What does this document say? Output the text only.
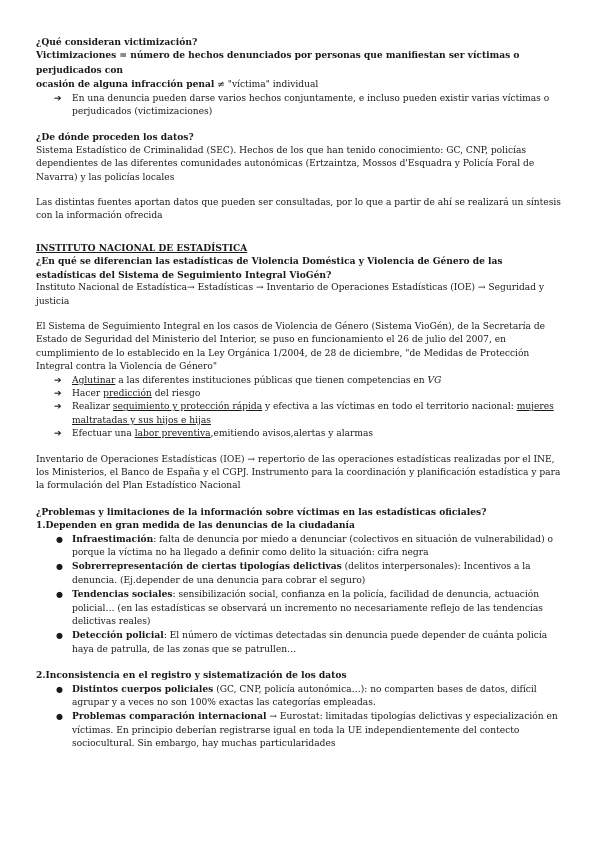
¿Qué consideran victimización?

Victimizaciones = número de hechos denunciados por personas que manifiestan ser víctimas o perjudicados con
ocasión de alguna infracción penal ≠ "víctima" individual

➔ En una denuncia pueden darse varios hechos conjuntamente, e incluso pueden existir varias víctimas o perjudicados (victimizaciones)

¿De dónde proceden los datos?

Sistema Estadístico de Criminalidad (SEC). Hechos de los que han tenido conocimiento: GC, CNP, policías dependientes de las diferentes comunidades autonómicas (Ertzaintza, Mossos d'Esquadra y Policía Foral de Navarra) y las policías locales

Las distintas fuentes aportan datos que pueden ser consultadas, por lo que a partir de ahí se realizará un síntesis con la información ofrecida

INSTITUTO NACIONAL DE ESTADÍSTICA

¿En qué se diferencian las estadísticas de Violencia Doméstica y Violencia de Género de las estadísticas del Sistema de Seguimiento Integral VioGén?

Instituto Nacional de Estadística→ Estadísticas → Inventario de Operaciones Estadísticas (IOE) → Seguridad y justicia

El Sistema de Seguimiento Integral en los casos de Violencia de Género (Sistema VioGén), de la Secretaría de Estado de Seguridad del Ministerio del Interior, se puso en funcionamiento el 26 de julio del 2007, en cumplimiento de lo establecido en la Ley Orgánica 1/2004, de 28 de diciembre, "de Medidas de Protección Integral contra la Violencia de Género"

➔ Aglutinar a las diferentes instituciones públicas que tienen competencias en VG
➔ Hacer predicción del riesgo
➔ Realizar seguimiento y protección rápida y efectiva a las víctimas en todo el territorio nacional: mujeres maltratadas y sus hijos e hijas
➔ Efectuar una labor preventiva,emitiendo avisos,alertas y alarmas

Inventario de Operaciones Estadísticas (IOE) → repertorio de las operaciones estadísticas realizadas por el INE, los Ministerios, el Banco de España y el CGPJ. Instrumento para la coordinación y planificación estadística y para la formulación del Plan Estadístico Nacional

¿Problemas y limitaciones de la información sobre víctimas en las estadísticas oficiales?

1.Dependen en gran medida de las denuncias de la ciudadanía

● Infraestimación: falta de denuncia por miedo a denunciar (colectivos en situación de vulnerabilidad) o porque la víctima no ha llegado a definir como delito la situación: cifra negra
● Sobrerrepresentación de ciertas tipologías delictivas (delitos interpersonales): Incentivos a la denuncia. (Ej.depender de una denuncia para cobrar el seguro)
● Tendencias sociales: sensibilización social, confianza en la policía, facilidad de denuncia, actuación policial… (en las estadísticas se observará un incremento no necesariamente reflejo de las tendencias delictivas reales)
● Detección policial: El número de víctimas detectadas sin denuncia puede depender de cuánta policía haya de patrulla, de las zonas que se patrullen…

2.Inconsistencia en el registro y sistematización de los datos

● Distintos cuerpos policiales (GC, CNP, policía autonómica…): no comparten bases de datos, difícil agrupar y a veces no son 100% exactas las categorías empleadas.
● Problemas comparación internacional → Eurostat: limitadas tipologías delictivas y especialización en víctimas. En principio deberían registrarse igual en toda la UE independientemente del contecto sociocultural. Sin embargo, hay muchas particularidades
